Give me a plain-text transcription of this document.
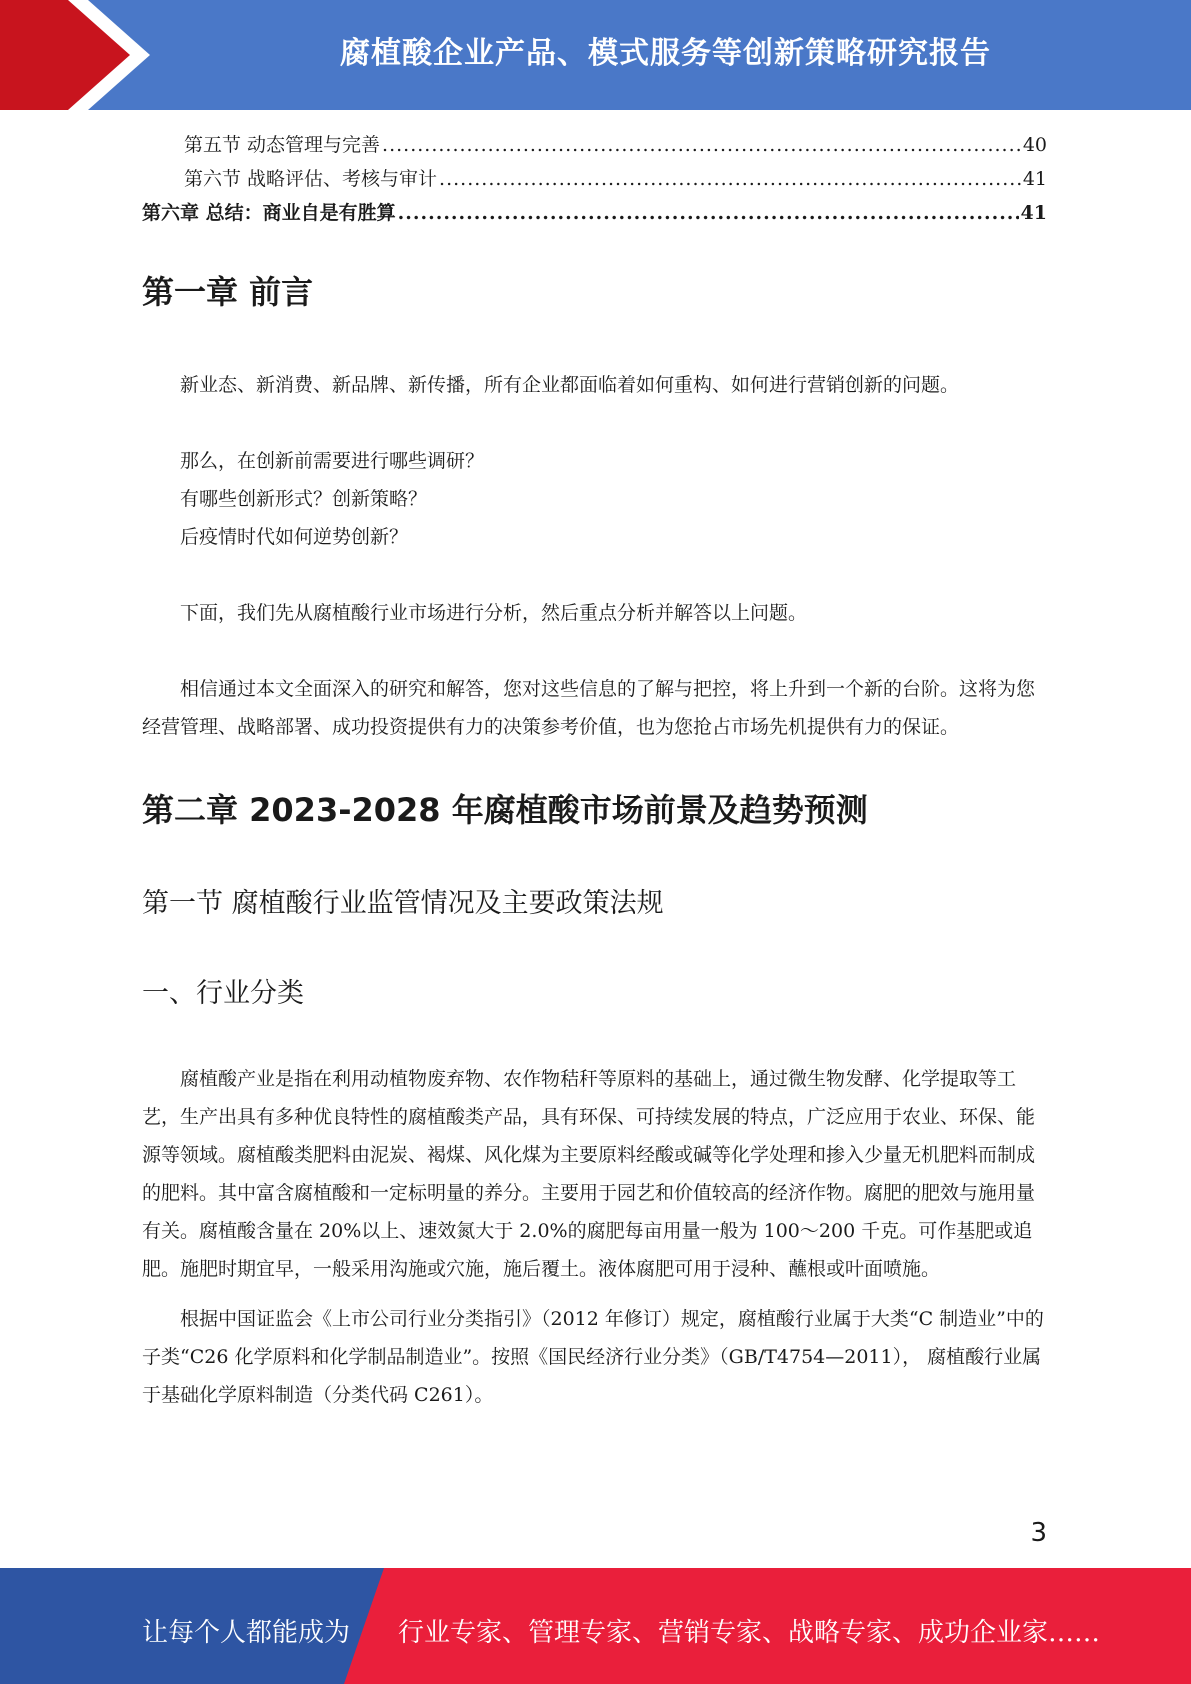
腐植酸企业产品、模式服务等创新策略研究报告
第五节 动态管理与完善 .....	40
第六节 战略评估、考核与审计 .....	41
第六章 总结：商业自是有胜算 .....	41
第一章 前言

新业态、新消费、新品牌、新传播，所有企业都面临着如何重构、如何进行营销创新的问题。

那么，在创新前需要进行哪些调研？

有哪些创新形式？创新策略？

后疫情时代如何逆势创新？

下面，我们先从腐植酸行业市场进行分析，然后重点分析并解答以上问题。

相信通过本文全面深入的研究和解答，您对这些信息的了解与把控，将上升到一个新的台阶。这将为您经营管理、战略部署、成功投资提供有力的决策参考价值，也为您抢占市场先机提供有力的保证。

第二章 2023-2028 年腐植酸市场前景及趋势预测
第一节 腐植酸行业监管情况及主要政策法规
一、行业分类

腐植酸产业是指在利用动植物废弃物、农作物秸秆等原料的基础上，通过微生物发酵、化学提取等工艺，生产出具有多种优良特性的腐植酸类产品，具有环保、可持续发展的特点，广泛应用于农业、环保、能源等领域。腐植酸类肥料由泥炭、褐煤、风化煤为主要原料经酸或碱等化学处理和掺入少量无机肥料而制成的肥料。其中富含腐植酸和一定标明量的养分。主要用于园艺和价值较高的经济作物。腐肥的肥效与施用量有关。腐植酸含量在 20%以上、速效氮大于 2.0%的腐肥每亩用量一般为 100～200 千克。可作基肥或追肥。施肥时期宜早，一般采用沟施或穴施，施后覆土。液体腐肥可用于浸种、蘸根或叶面喷施。

根据中国证监会《上市公司行业分类指引》（2012 年修订）规定，腐植酸行业属于大类“C 制造业”中的子类“C26 化学原料和化学制品制造业”。按照《国民经济行业分类》（GB/T4754—2011）， 腐植酸行业属于基础化学原料制造（分类代码 C261）。

3
让每个人都能成为 行业专家、管理专家、营销专家、战略专家、成功企业家……
